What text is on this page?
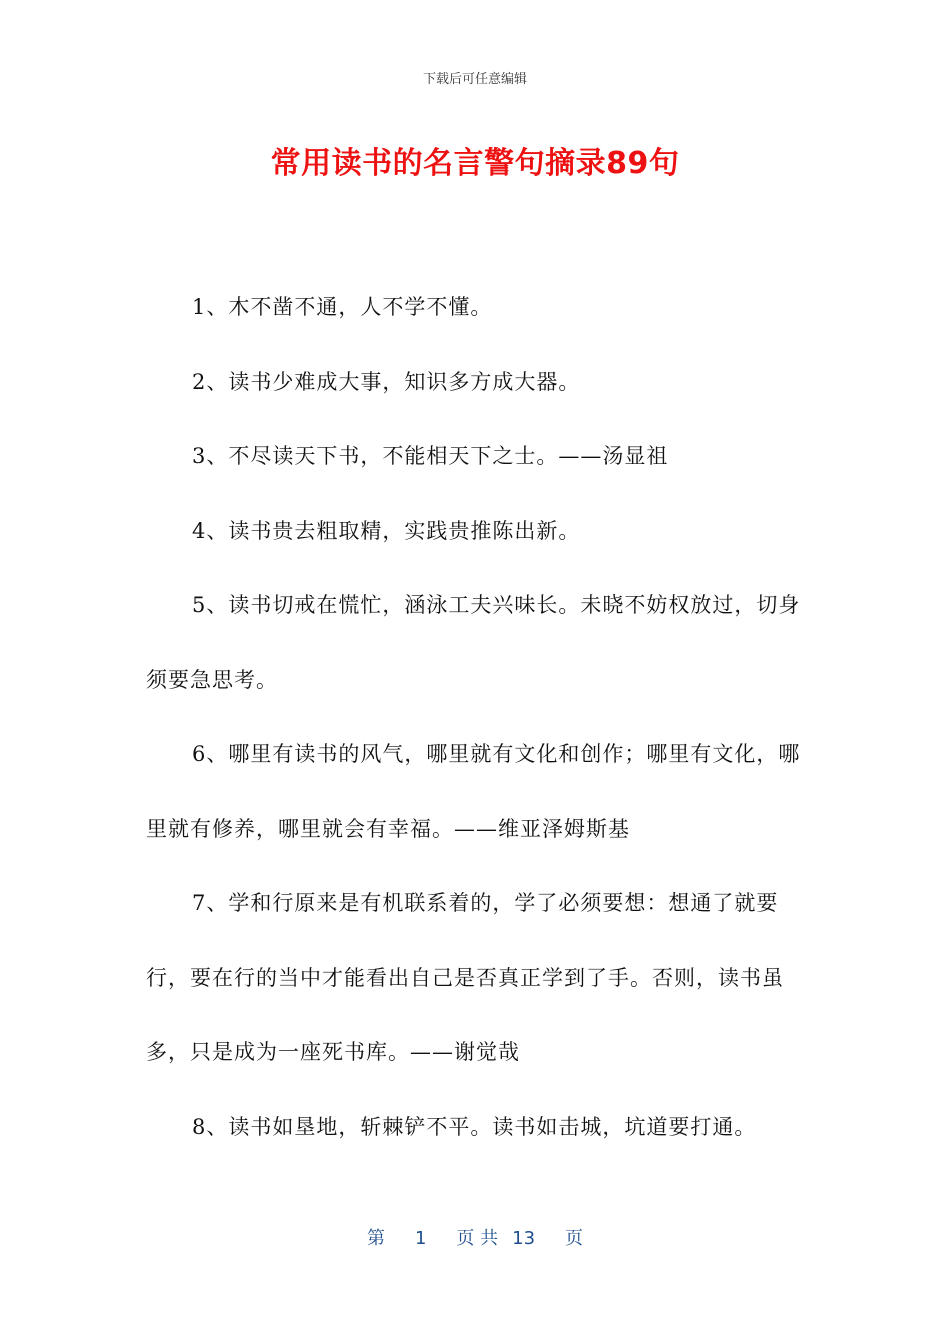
下载后可任意编辑
常用读书的名言警句摘录89句

1、木不凿不通，人不学不懂。

2、读书少难成大事，知识多方成大器。

3、不尽读天下书，不能相天下之士。——汤显祖

4、读书贵去粗取精，实践贵推陈出新。

5、读书切戒在慌忙，涵泳工夫兴味长。未晓不妨权放过，切身须要急思考。

6、哪里有读书的风气，哪里就有文化和创作；哪里有文化，哪里就有修养，哪里就会有幸福。——维亚泽姆斯基

7、学和行原来是有机联系着的，学了必须要想：想通了就要行，要在行的当中才能看出自己是否真正学到了手。否则，读书虽多，只是成为一座死书库。——谢觉哉

8、读书如垦地，斩棘铲不平。读书如击城，坑道要打通。

第 1 页 共 13 页
